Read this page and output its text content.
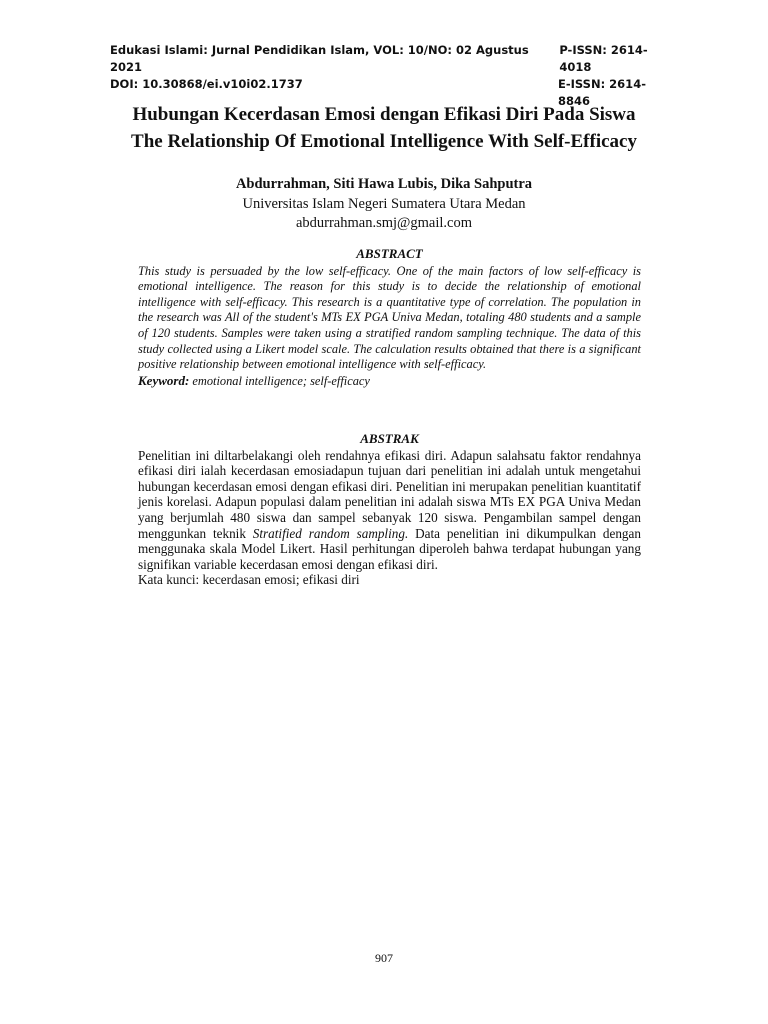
Edukasi Islami: Jurnal Pendidikan Islam, VOL: 10/NO: 02 Agustus 2021
P-ISSN: 2614-4018
DOI: 10.30868/ei.v10i02.1737	E-ISSN: 2614-8846
Hubungan Kecerdasan Emosi dengan Efikasi Diri Pada Siswa
The Relationship Of Emotional Intelligence With Self-Efficacy
Abdurrahman, Siti Hawa Lubis, Dika Sahputra
Universitas Islam Negeri Sumatera Utara Medan
abdurrahman.smj@gmail.com
ABSTRACT
This study is persuaded by the low self-efficacy. One of the main factors of low self-efficacy is emotional intelligence. The reason for this study is to decide the relationship of emotional intelligence with self-efficacy. This research is a quantitative type of correlation. The population in the research was All of the student's MTs EX PGA Univa Medan, totaling 480 students and a sample of 120 students. Samples were taken using a stratified random sampling technique. The data of this study collected using a Likert model scale. The calculation results obtained that there is a significant positive relationship between emotional intelligence with self-efficacy.
Keyword: emotional intelligence; self-efficacy
ABSTRAK
Penelitian ini diltarbelakangi oleh rendahnya efikasi diri. Adapun salahsatu faktor rendahnya efikasi diri ialah kecerdasan emosiadapun tujuan dari penelitian ini adalah untuk mengetahui hubungan kecerdasan emosi dengan efikasi diri. Penelitian ini merupakan penelitian kuantitatif jenis korelasi. Adapun populasi dalam penelitian ini adalah siswa MTs EX PGA Univa Medan yang berjumlah 480 siswa dan sampel sebanyak 120 siswa. Pengambilan sampel dengan menggunkan teknik Stratified random sampling. Data penelitian ini dikumpulkan dengan menggunaka skala Model Likert. Hasil perhitungan diperoleh bahwa terdapat hubungan yang signifikan variable kecerdasan emosi dengan efikasi diri.
Kata kunci: kecerdasan emosi; efikasi diri
907
